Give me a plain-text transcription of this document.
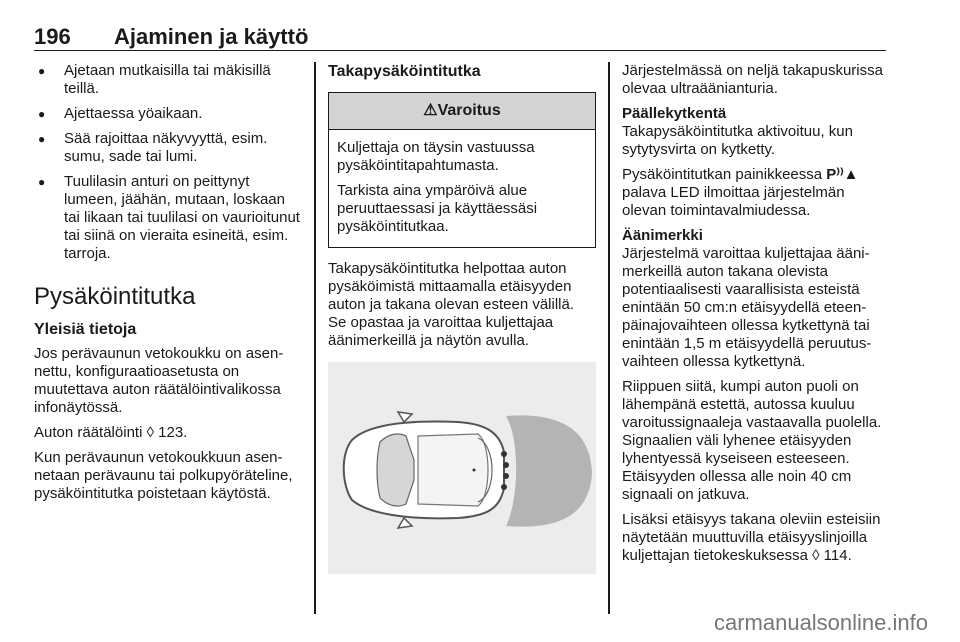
196 Ajaminen ja käyttö
● Ajetaan mutkaisilla tai mäkisillä teillä.
● Ajettaessa yöaikaan.
● Sää rajoittaa näkyvyyttä, esim. sumu, sade tai lumi.
● Tuulilasin anturi on peittynyt lumeen, jäähän, mutaan, loskaan tai likaan tai tuulilasi on vaurioitunut tai siinä on vieraita esineitä, esim. tarroja.
Pysäköintitutka
Yleisiä tietoja

Jos perävaunun vetokoukku on asennettu, konfiguraatioasetusta on muutettava auton räätälöintivalikossa infonäytössä.

Auton räätälöinti ◊ 123.

Kun perävaunun vetokoukkuun asennetaan perävaunu tai polkupyöräteline, pysäköintitutka poistetaan käytöstä.

Takapysäköintitutka
⚠Varoitus

Kuljettaja on täysin vastuussa pysäköintitapahtumasta.

Tarkista aina ympäröivä alue peruuttaessasi ja käyttäessäsi pysäköintitutkaa.

Takapysäköintitutka helpottaa auton pysäköimistä mittaamalla etäisyyden auton ja takana olevan esteen välillä. Se opastaa ja varoittaa kuljettajaa äänimerkeillä ja näytön avulla.

Järjestelmässä on neljä takapuskurissa olevaa ultraäänianturia.

Päällekytkentä

Takapysäköintitutka aktivoituu, kun sytytysvirta on kytketty.

Pysäköintitutkan painikkeessa P⁾⁾▲ palava LED ilmoittaa järjestelmän olevan toimintavalmiudessa.

Äänimerkki

Järjestelmä varoittaa kuljettajaa äänimerkeillä auton takana olevista potentiaalisesti vaarallisista esteistä enintään 50 cm:n etäisyydellä eteenpäinajovaihteen ollessa kytkettynä tai enintään 1,5 m etäisyydellä peruutusvaihteen ollessa kytkettynä.

Riippuen siitä, kumpi auton puoli on lähempänä estettä, autossa kuuluu varoitussignaaleja vastaavalla puolella. Signaalien väli lyhenee etäisyyden lyhentyessä kyseiseen esteeseen. Etäisyyden ollessa alle noin 40 cm signaali on jatkuva.

Lisäksi etäisyys takana oleviin esteisiin näytetään muuttuvilla etäisyyslinjoilla kuljettajan tietokeskuksessa ◊ 114.

carmanualsonline.info
